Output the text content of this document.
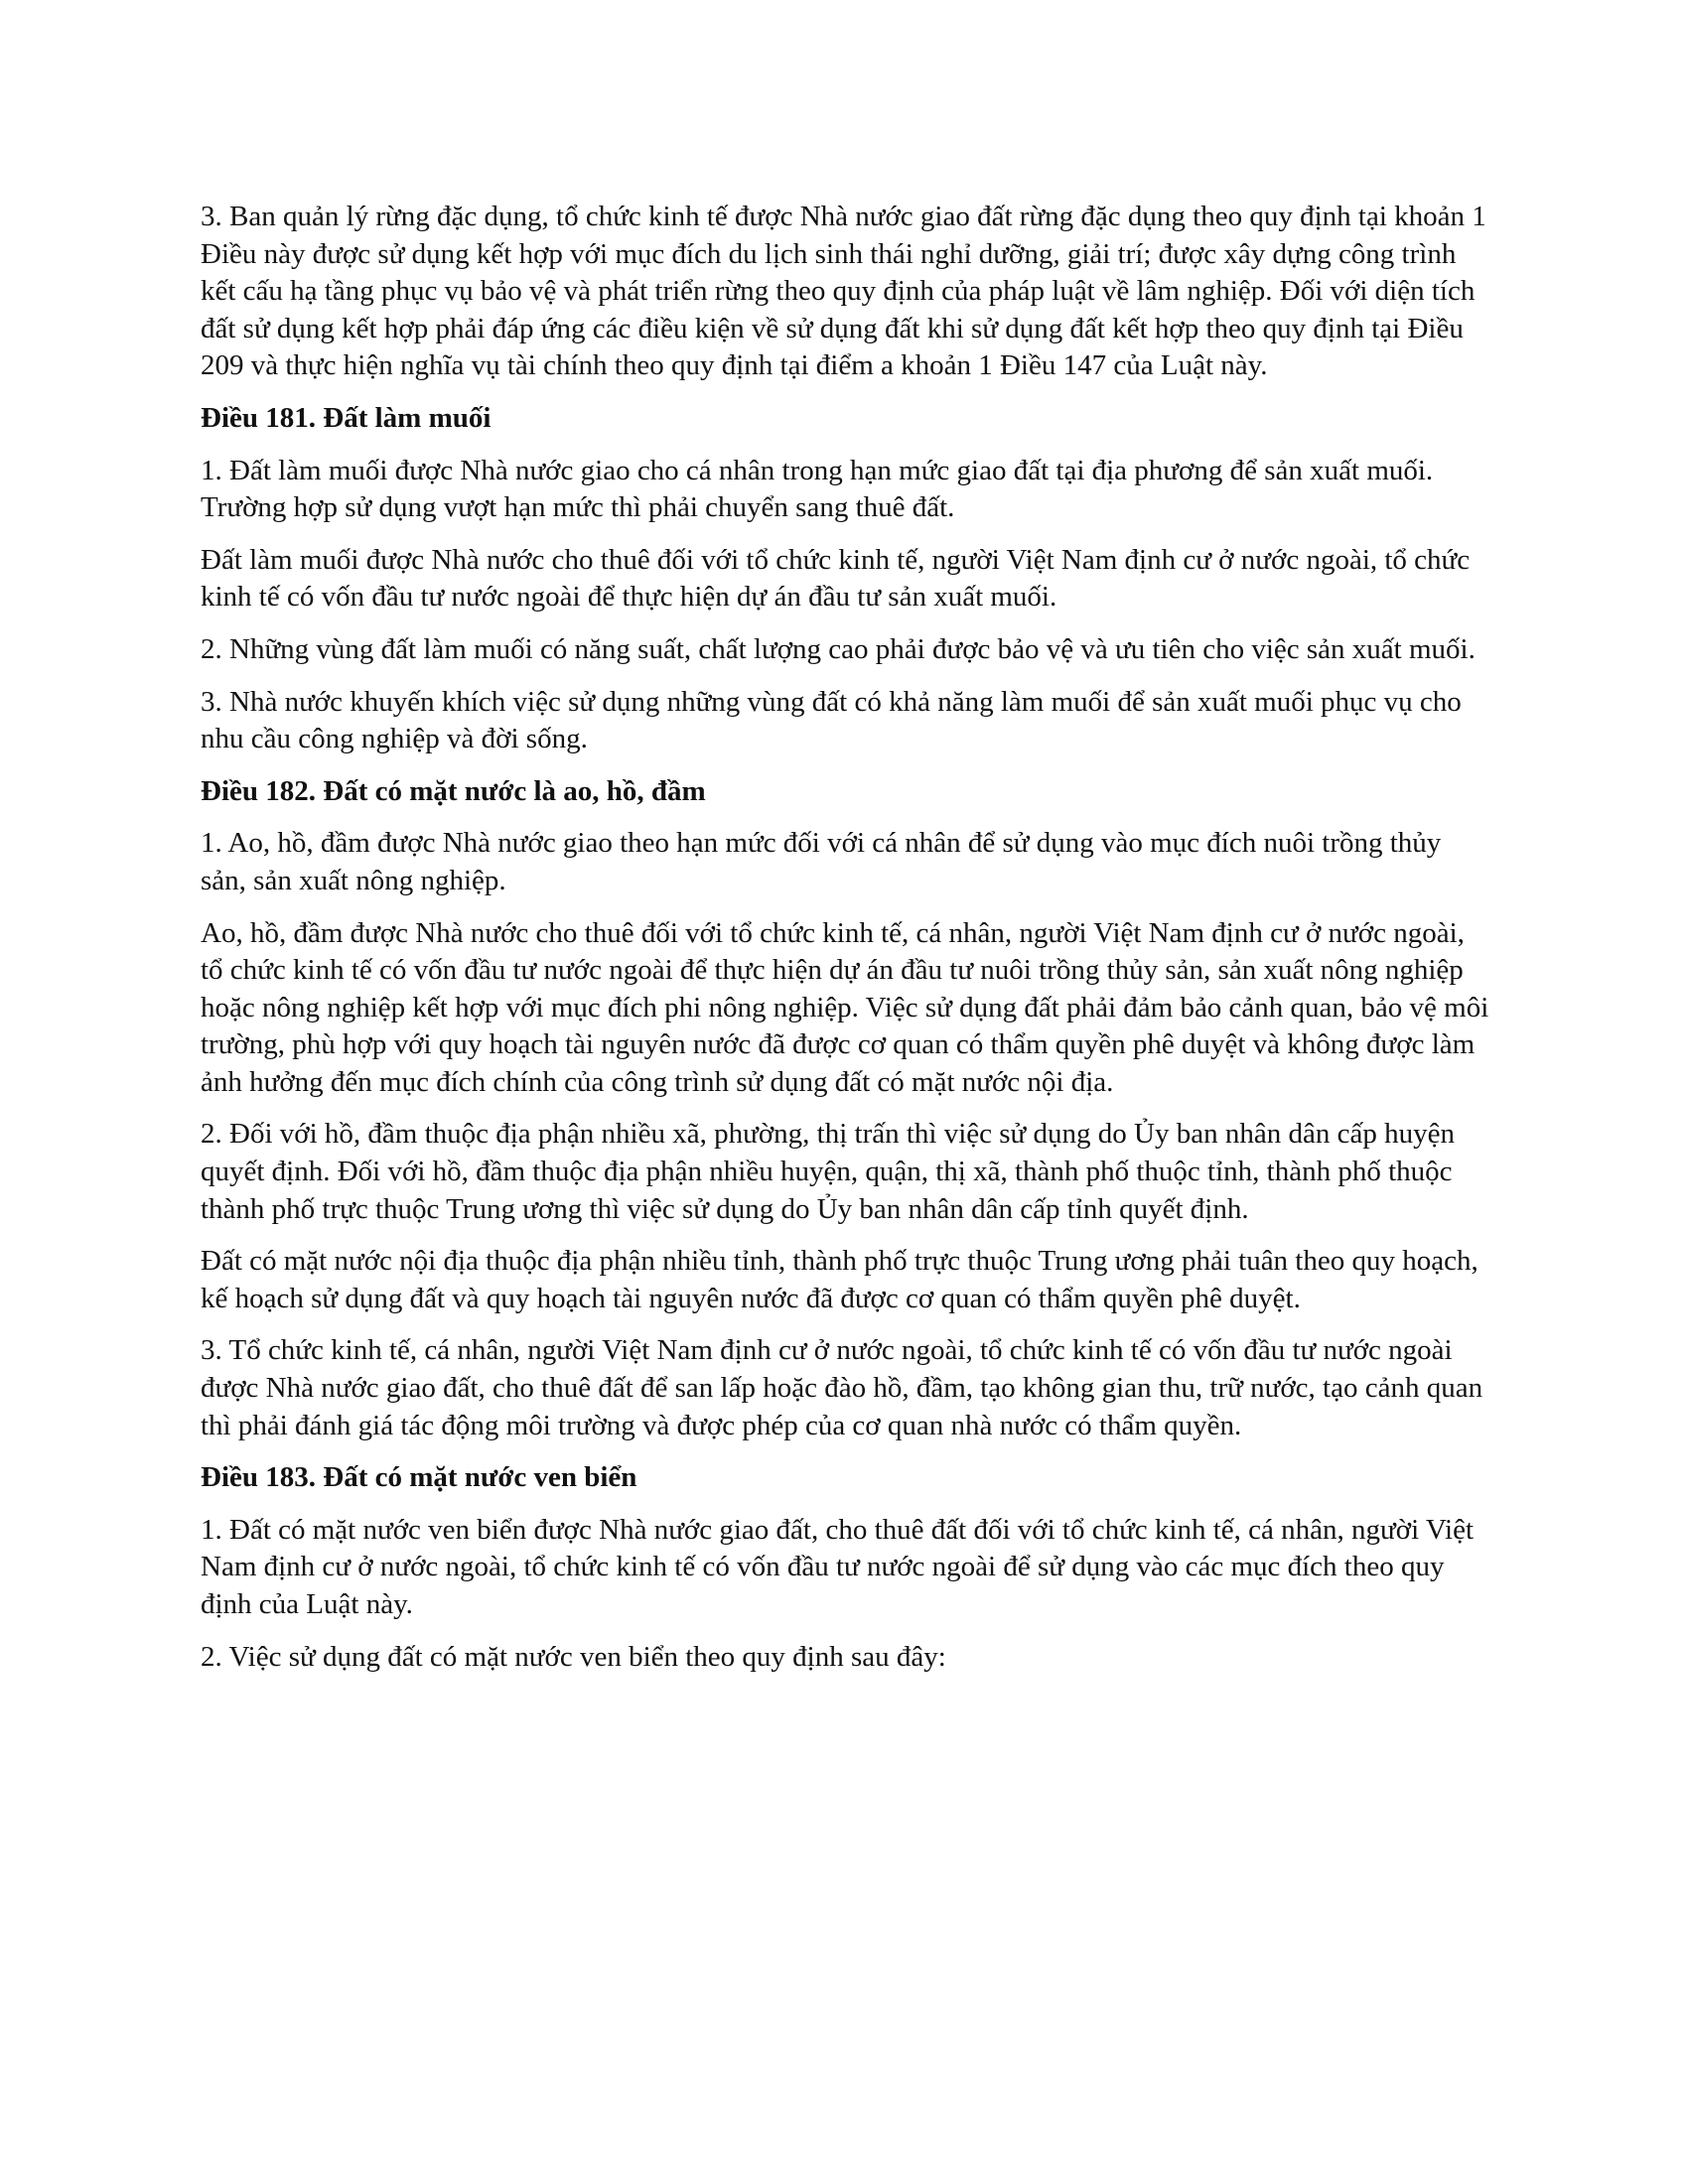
3. Ban quản lý rừng đặc dụng, tổ chức kinh tế được Nhà nước giao đất rừng đặc dụng theo quy định tại khoản 1 Điều này được sử dụng kết hợp với mục đích du lịch sinh thái nghỉ dưỡng, giải trí; được xây dựng công trình kết cấu hạ tầng phục vụ bảo vệ và phát triển rừng theo quy định của pháp luật về lâm nghiệp. Đối với diện tích đất sử dụng kết hợp phải đáp ứng các điều kiện về sử dụng đất khi sử dụng đất kết hợp theo quy định tại Điều 209 và thực hiện nghĩa vụ tài chính theo quy định tại điểm a khoản 1 Điều 147 của Luật này.

Điều 181. Đất làm muối

1. Đất làm muối được Nhà nước giao cho cá nhân trong hạn mức giao đất tại địa phương để sản xuất muối. Trường hợp sử dụng vượt hạn mức thì phải chuyển sang thuê đất.

Đất làm muối được Nhà nước cho thuê đối với tổ chức kinh tế, người Việt Nam định cư ở nước ngoài, tổ chức kinh tế có vốn đầu tư nước ngoài để thực hiện dự án đầu tư sản xuất muối.

2. Những vùng đất làm muối có năng suất, chất lượng cao phải được bảo vệ và ưu tiên cho việc sản xuất muối.

3. Nhà nước khuyến khích việc sử dụng những vùng đất có khả năng làm muối để sản xuất muối phục vụ cho nhu cầu công nghiệp và đời sống.

Điều 182. Đất có mặt nước là ao, hồ, đầm

1. Ao, hồ, đầm được Nhà nước giao theo hạn mức đối với cá nhân để sử dụng vào mục đích nuôi trồng thủy sản, sản xuất nông nghiệp.

Ao, hồ, đầm được Nhà nước cho thuê đối với tổ chức kinh tế, cá nhân, người Việt Nam định cư ở nước ngoài, tổ chức kinh tế có vốn đầu tư nước ngoài để thực hiện dự án đầu tư nuôi trồng thủy sản, sản xuất nông nghiệp hoặc nông nghiệp kết hợp với mục đích phi nông nghiệp. Việc sử dụng đất phải đảm bảo cảnh quan, bảo vệ môi trường, phù hợp với quy hoạch tài nguyên nước đã được cơ quan có thẩm quyền phê duyệt và không được làm ảnh hưởng đến mục đích chính của công trình sử dụng đất có mặt nước nội địa.

2. Đối với hồ, đầm thuộc địa phận nhiều xã, phường, thị trấn thì việc sử dụng do Ủy ban nhân dân cấp huyện quyết định. Đối với hồ, đầm thuộc địa phận nhiều huyện, quận, thị xã, thành phố thuộc tỉnh, thành phố thuộc thành phố trực thuộc Trung ương thì việc sử dụng do Ủy ban nhân dân cấp tỉnh quyết định.

Đất có mặt nước nội địa thuộc địa phận nhiều tỉnh, thành phố trực thuộc Trung ương phải tuân theo quy hoạch, kế hoạch sử dụng đất và quy hoạch tài nguyên nước đã được cơ quan có thẩm quyền phê duyệt.

3. Tổ chức kinh tế, cá nhân, người Việt Nam định cư ở nước ngoài, tổ chức kinh tế có vốn đầu tư nước ngoài được Nhà nước giao đất, cho thuê đất để san lấp hoặc đào hồ, đầm, tạo không gian thu, trữ nước, tạo cảnh quan thì phải đánh giá tác động môi trường và được phép của cơ quan nhà nước có thẩm quyền.

Điều 183. Đất có mặt nước ven biển

1. Đất có mặt nước ven biển được Nhà nước giao đất, cho thuê đất đối với tổ chức kinh tế, cá nhân, người Việt Nam định cư ở nước ngoài, tổ chức kinh tế có vốn đầu tư nước ngoài để sử dụng vào các mục đích theo quy định của Luật này.

2. Việc sử dụng đất có mặt nước ven biển theo quy định sau đây:
